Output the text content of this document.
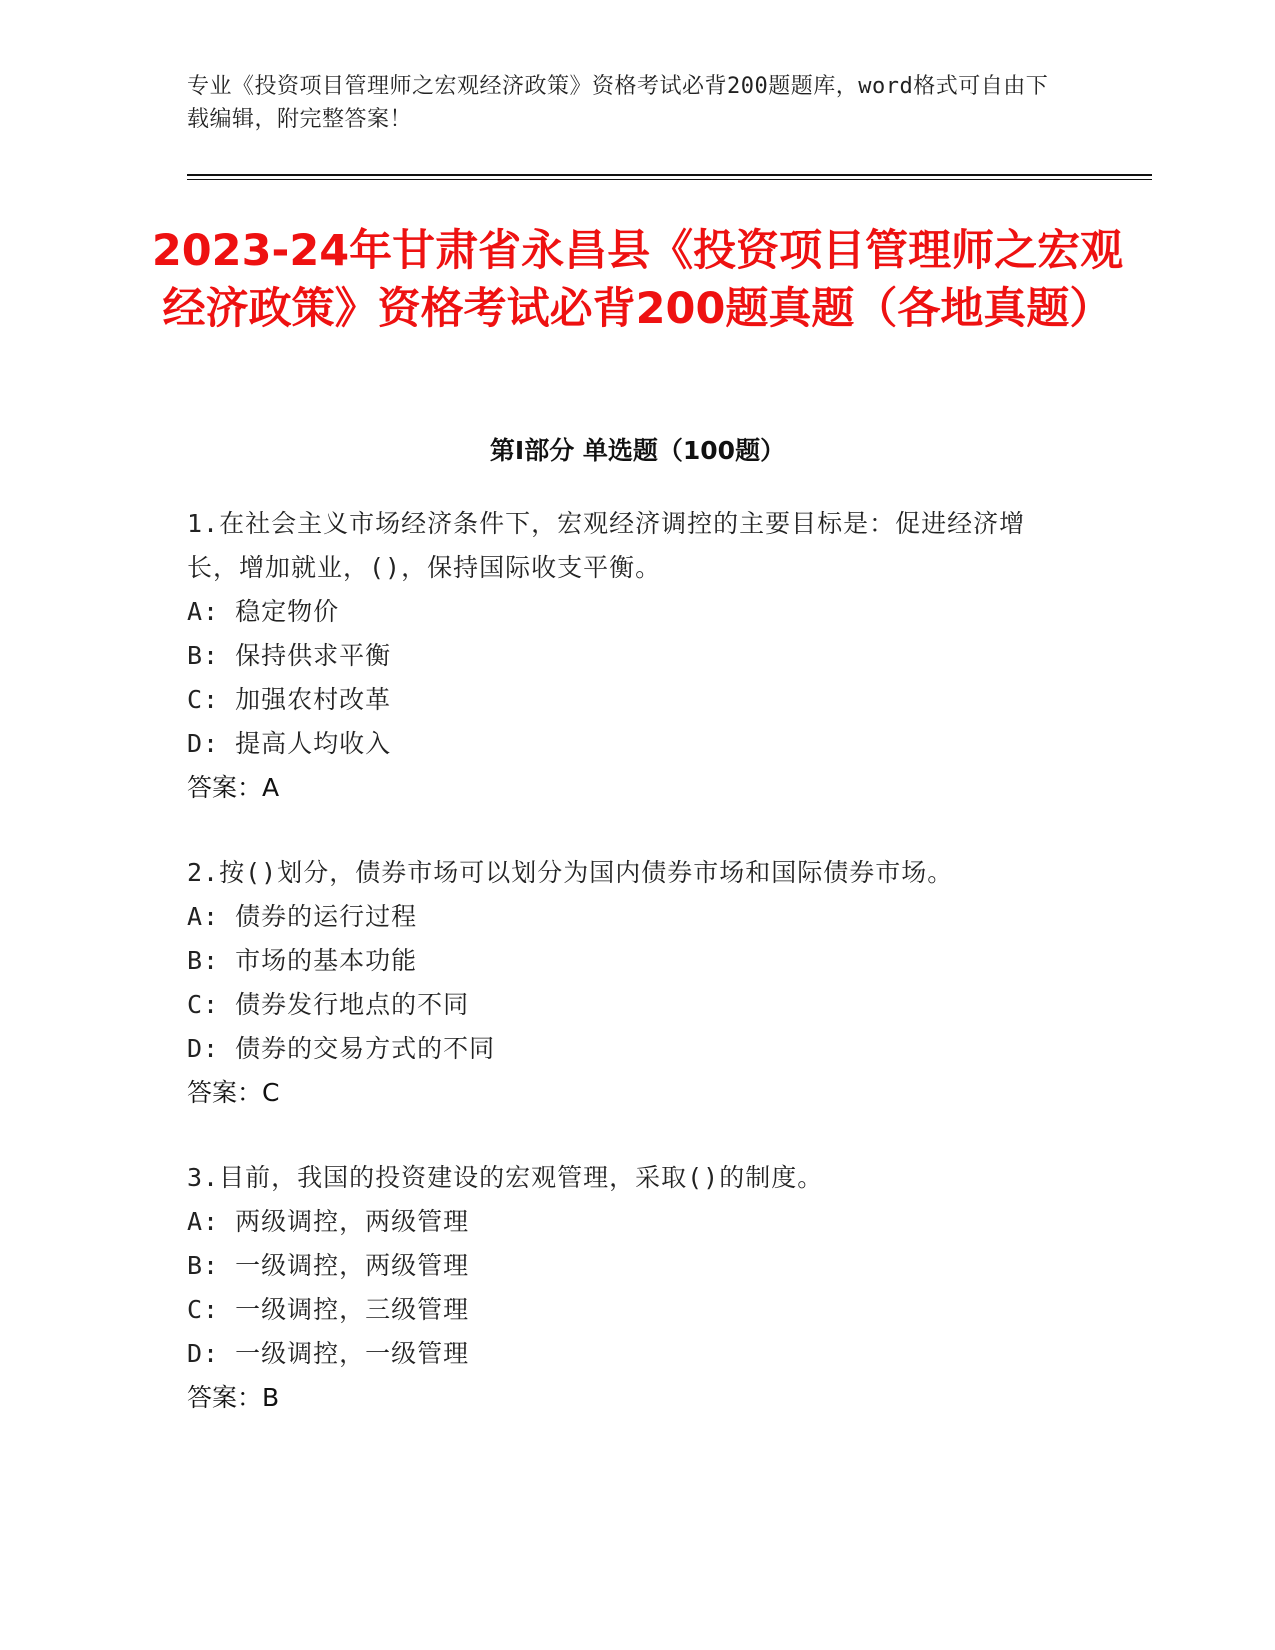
专业《投资项目管理师之宏观经济政策》资格考试必背200题题库，word格式可自由下载编辑，附完整答案！
2023-24年甘肃省永昌县《投资项目管理师之宏观经济政策》资格考试必背200题真题（各地真题）
第I部分 单选题（100题）
1.在社会主义市场经济条件下，宏观经济调控的主要目标是：促进经济增长，增加就业，()，保持国际收支平衡。
A: 稳定物价
B: 保持供求平衡
C: 加强农村改革
D: 提高人均收入
答案：A
2.按()划分，债券市场可以划分为国内债券市场和国际债券市场。
A: 债券的运行过程
B: 市场的基本功能
C: 债券发行地点的不同
D: 债券的交易方式的不同
答案：C
3.目前，我国的投资建设的宏观管理，采取()的制度。
A: 两级调控，两级管理
B: 一级调控，两级管理
C: 一级调控，三级管理
D: 一级调控，一级管理
答案：B
